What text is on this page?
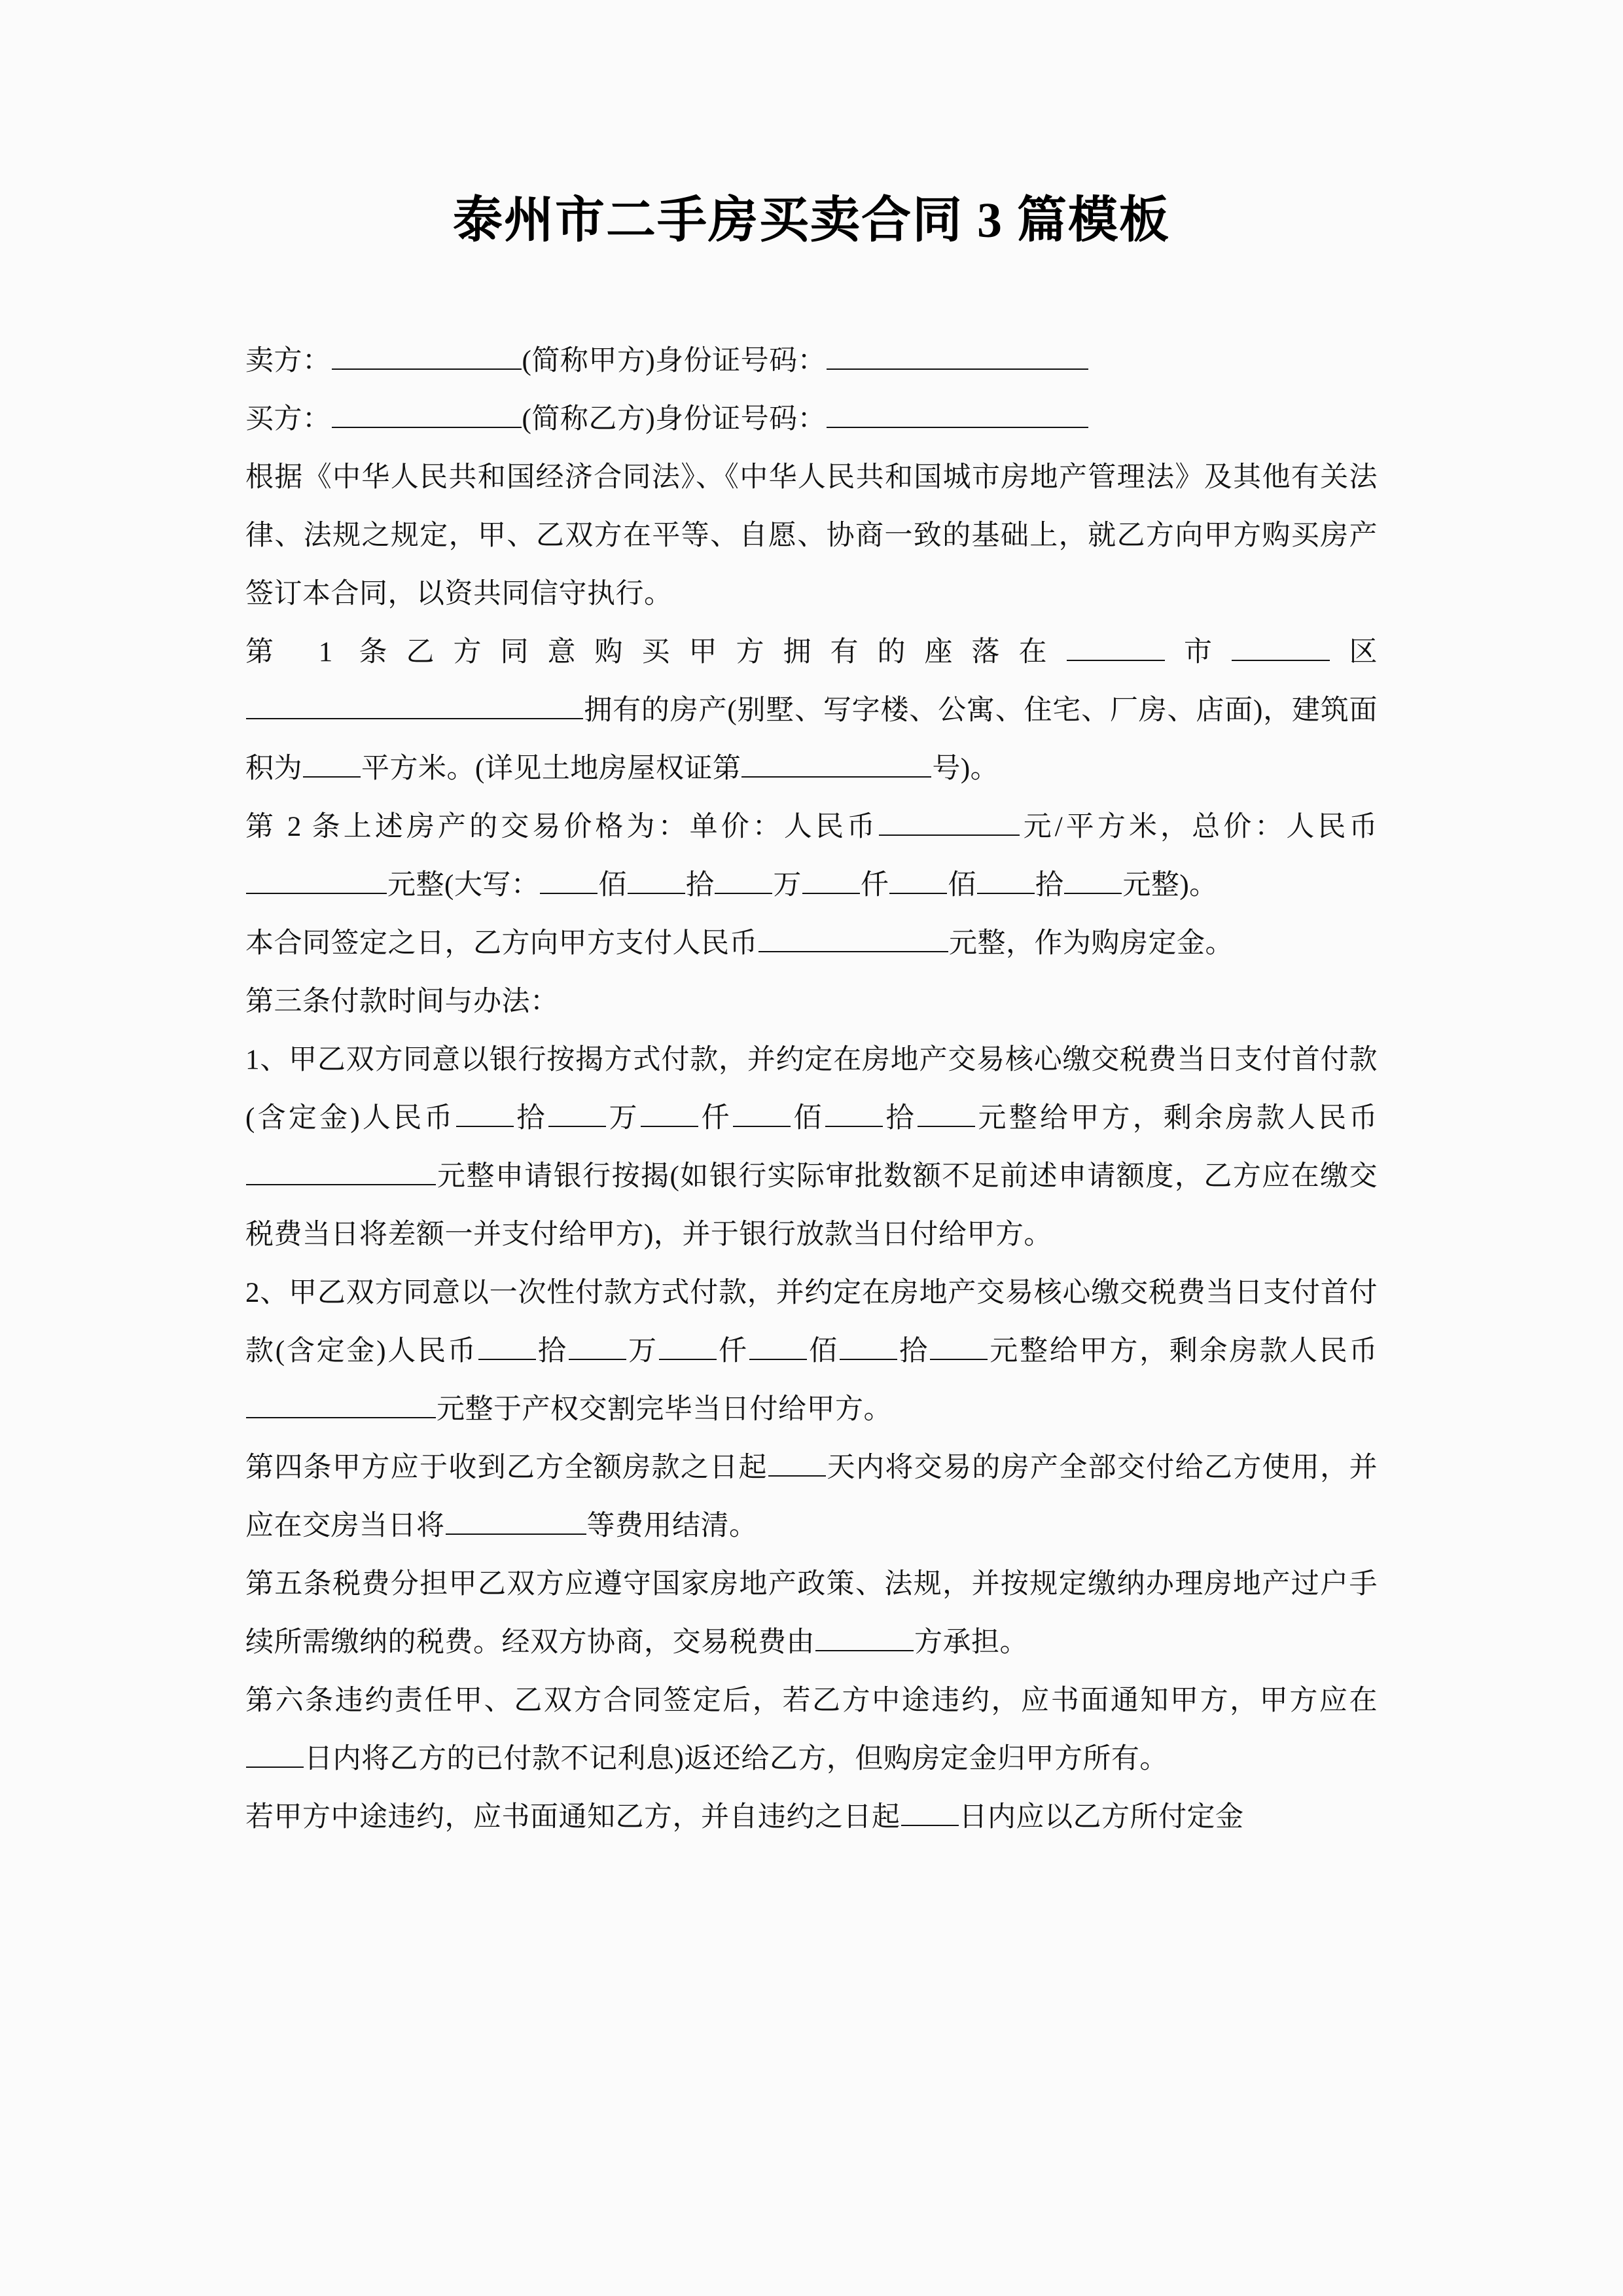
泰州市二手房买卖合同 3 篇模板

卖方：	(简称甲方)身份证号码：

买方：	(简称乙方)身份证号码：

根据《中华人民共和国经济合同法》、《中华人民共和国城市房地产管理法》及其他有关法律、法规之规定，甲、乙双方在平等、自愿、协商一致的基础上，就乙方向甲方购买房产签订本合同，以资共同信守执行。

第 1 条乙方同意购买甲方拥有的座落在	市	区

拥有的房产(别墅、写字楼、公寓、住宅、厂房、店面)，建筑面积为 平方米。(详见土地房屋权证第	号)。

第 2 条上述房产的交易价格为：单价：人民币	元/平方米，总价：人民币元整(大写： 佰 拾 万 仟 佰 拾 元整)。

本合同签定之日，乙方向甲方支付人民币	元整，作为购房定金。

第三条付款时间与办法：

1、甲乙双方同意以银行按揭方式付款，并约定在房地产交易核心缴交税费当日支付首付款(含定金)人民币 拾 万 仟 佰 拾 元整给甲方，剩余房款人民币元整申请银行按揭(如银行实际审批数额不足前述申请额度，乙方应在缴交税费当日将差额一并支付给甲方)，并于银行放款当日付给甲方。

2、甲乙双方同意以一次性付款方式付款，并约定在房地产交易核心缴交税费当日支付首付款(含定金)人民币 拾 万 仟 佰 拾 元整给甲方，剩余房款人民币元整于产权交割完毕当日付给甲方。

第四条甲方应于收到乙方全额房款之日起 天内将交易的房产全部交付给乙方使用，并应在交房当日将	等费用结清。

第五条税费分担甲乙双方应遵守国家房地产政策、法规，并按规定缴纳办理房地产过户手续所需缴纳的税费。经双方协商，交易税费由	方承担。

第六条违约责任甲、乙双方合同签定后，若乙方中途违约，应书面通知甲方，甲方应在日内将乙方的已付款不记利息)返还给乙方，但购房定金归甲方所有。

若甲方中途违约，应书面通知乙方，并自违约之日起 日内应以乙方所付定金
